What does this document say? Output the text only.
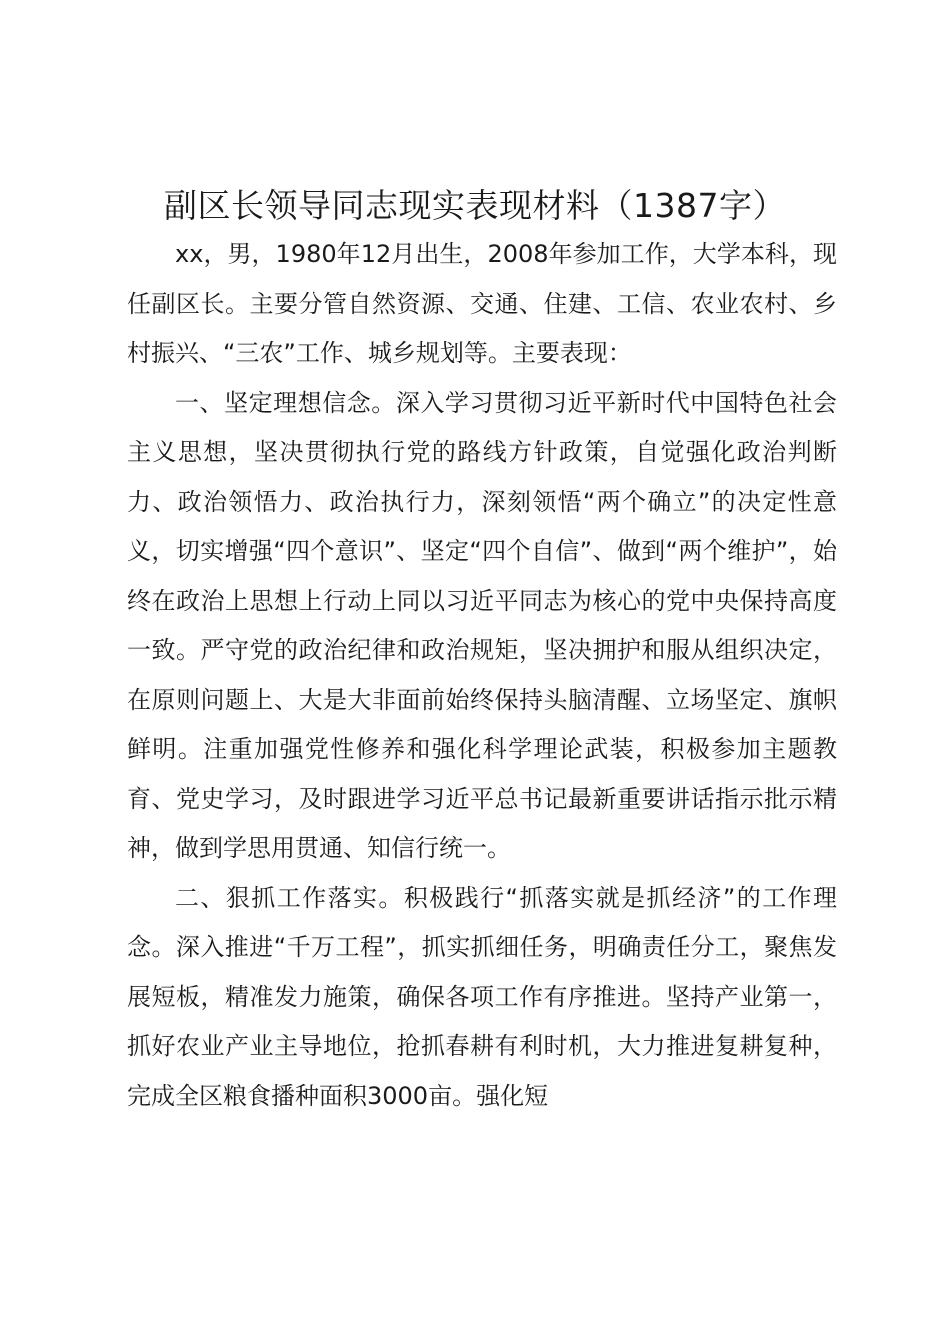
副区长领导同志现实表现材料（1387字）

xx，男，1980年12月出生，2008年参加工作，大学本科，现任副区长。主要分管自然资源、交通、住建、工信、农业农村、乡村振兴、“三农”工作、城乡规划等。主要表现：

一、坚定理想信念。深入学习贯彻习近平新时代中国特色社会主义思想，坚决贯彻执行党的路线方针政策，自觉强化政治判断力、政治领悟力、政治执行力，深刻领悟“两个确立”的决定性意义，切实增强“四个意识”、坚定“四个自信”、做到“两个维护”，始终在政治上思想上行动上同以习近平同志为核心的党中央保持高度一致。严守党的政治纪律和政治规矩，坚决拥护和服从组织决定，在原则问题上、大是大非面前始终保持头脑清醒、立场坚定、旗帜鲜明。注重加强党性修养和强化科学理论武装，积极参加主题教育、党史学习，及时跟进学习近平总书记最新重要讲话指示批示精神，做到学思用贯通、知信行统一。

二、狠抓工作落实。积极践行“抓落实就是抓经济”的工作理念。深入推进“千万工程”，抓实抓细任务，明确责任分工，聚焦发展短板，精准发力施策，确保各项工作有序推进。坚持产业第一，抓好农业产业主导地位，抢抓春耕有利时机，大力推进复耕复种，完成全区粮食播种面积3000亩。强化短
